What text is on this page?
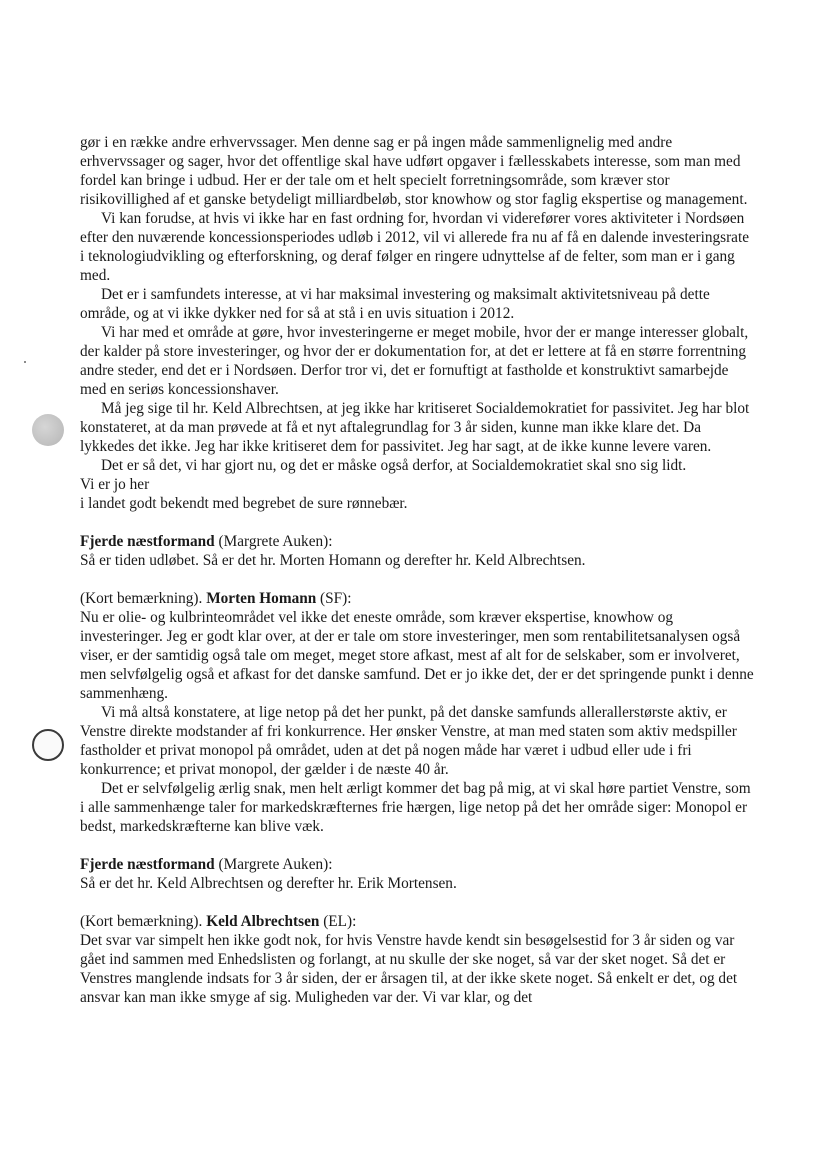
gør i en række andre erhvervssager. Men denne sag er på ingen måde sammenlignelig med andre erhvervssager og sager, hvor det offentlige skal have udført opgaver i fællesskabets interesse, som man med fordel kan bringe i udbud. Her er der tale om et helt specielt forretningsområde, som kræver stor risikovillighed af et ganske betydeligt milliardbeløb, stor knowhow og stor faglig ekspertise og management.

Vi kan forudse, at hvis vi ikke har en fast ordning for, hvordan vi viderefører vores aktiviteter i Nordsøen efter den nuværende koncessionsperiodes udløb i 2012, vil vi allerede fra nu af få en dalende investeringsrate i teknologiudvikling og efterforskning, og deraf følger en ringere udnyttelse af de felter, som man er i gang med.

Det er i samfundets interesse, at vi har maksimal investering og maksimalt aktivitetsniveau på dette område, og at vi ikke dykker ned for så at stå i en uvis situation i 2012.

Vi har med et område at gøre, hvor investeringerne er meget mobile, hvor der er mange interesser globalt, der kalder på store investeringer, og hvor der er dokumentation for, at det er lettere at få en større forrentning andre steder, end det er i Nordsøen. Derfor tror vi, det er fornuftigt at fastholde et konstruktivt samarbejde med en seriøs koncessionshaver.

Må jeg sige til hr. Keld Albrechtsen, at jeg ikke har kritiseret Socialdemokratiet for passivitet. Jeg har blot konstateret, at da man prøvede at få et nyt aftalegrundlag for 3 år siden, kunne man ikke klare det. Da lykkedes det ikke. Jeg har ikke kritiseret dem for passivitet. Jeg har sagt, at de ikke kunne levere varen.

Det er så det, vi har gjort nu, og det er måske også derfor, at Socialdemokratiet skal sno sig lidt.

Vi er jo her

i landet godt bekendt med begrebet de sure rønnebær.

Fjerde næstformand (Margrete Auken):

Så er tiden udløbet. Så er det hr. Morten Homann og derefter hr. Keld Albrechtsen.

(Kort bemærkning). Morten Homann (SF):

Nu er olie- og kulbrinteområdet vel ikke det eneste område, som kræver ekspertise, knowhow og investeringer. Jeg er godt klar over, at der er tale om store investeringer, men som rentabilitetsanalysen også viser, er der samtidig også tale om meget, meget store afkast, mest af alt for de selskaber, som er involveret, men selvfølgelig også et afkast for det danske samfund. Det er jo ikke det, der er det springende punkt i denne sammenhæng.

Vi må altså konstatere, at lige netop på det her punkt, på det danske samfunds allerallerstørste aktiv, er Venstre direkte modstander af fri konkurrence. Her ønsker Venstre, at man med staten som aktiv medspiller fastholder et privat monopol på området, uden at det på nogen måde har været i udbud eller ude i fri konkurrence; et privat monopol, der gælder i de næste 40 år.

Det er selvfølgelig ærlig snak, men helt ærligt kommer det bag på mig, at vi skal høre partiet Venstre, som i alle sammenhænge taler for markedskræfternes frie hærgen, lige netop på det her område siger: Monopol er bedst, markedskræfterne kan blive væk.

Fjerde næstformand (Margrete Auken):

Så er det hr. Keld Albrechtsen og derefter hr. Erik Mortensen.

(Kort bemærkning). Keld Albrechtsen (EL):

Det svar var simpelt hen ikke godt nok, for hvis Venstre havde kendt sin besøgelsestid for 3 år siden og var gået ind sammen med Enhedslisten og forlangt, at nu skulle der ske noget, så var der sket noget. Så det er Venstres manglende indsats for 3 år siden, der er årsagen til, at der ikke skete noget. Så enkelt er det, og det ansvar kan man ikke smyge af sig. Muligheden var der. Vi var klar, og det
